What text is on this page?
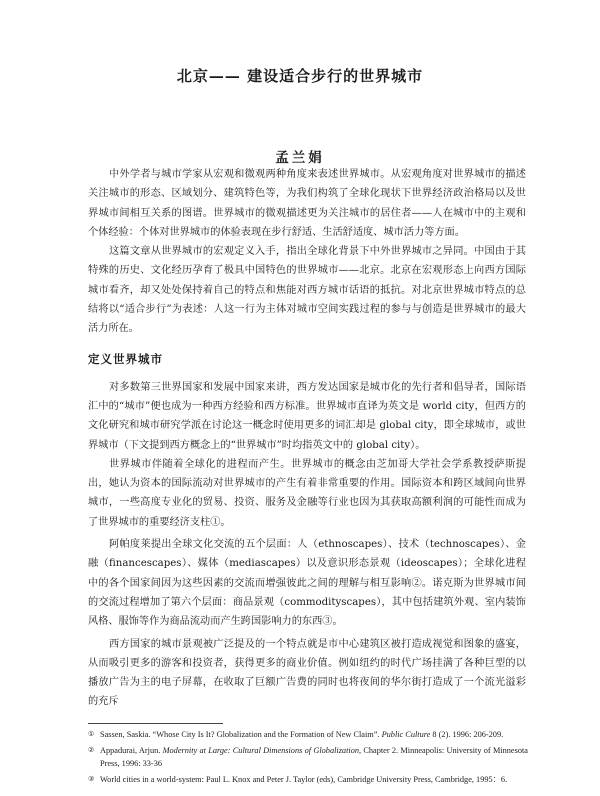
北京—— 建设适合步行的世界城市
孟兰娟

中外学者与城市学家从宏观和微观两种角度来表述世界城市。从宏观角度对世界城市的描述关注城市的形态、区域划分、建筑特色等，为我们构筑了全球化现状下世界经济政治格局以及世界城市间相互关系的图谱。世界城市的微观描述更为关注城市的居住者——人在城市中的主观和个体经验：个体对世界城市的体验表现在步行舒适、生活舒适度、城市活力等方面。

这篇文章从世界城市的宏观定义入手，指出全球化背景下中外世界城市之异同。中国由于其特殊的历史、文化经历孕育了极具中国特色的世界城市——北京。北京在宏观形态上向西方国际城市看齐，却又处处保持着自己的特点和焦能对西方城市话语的抵抗。对北京世界城市特点的总结将以“适合步行”为表述：人这一行为主体对城市空间实践过程的参与与创造是世界城市的最大活力所在。

定义世界城市

对多数第三世界国家和发展中国家来讲，西方发达国家是城市化的先行者和倡导者，国际语汇中的“城市”便也成为一种西方经验和西方标准。世界城市直译为英文是 world city，但西方的文化研究和城市研究学派在讨论这一概念时使用更多的词汇却是 global city，即全球城市，或世界城市（下文提到西方概念上的“世界城市”时均指英文中的 global city）。

世界城市伴随着全球化的进程而产生。世界城市的概念由芝加哥大学社会学系教授萨斯提出，她认为资本的国际流动对世界城市的产生有着非常重要的作用。国际资本和跨区域间向世界城市，一些高度专业化的贸易、投资、服务及金融等行业也因为其获取高额利润的可能性而成为了世界城市的重要经济支柱①。

阿帕度莱提出全球文化交流的五个层面：人（ethnoscapes）、技术（technoscapes）、金融（financescapes）、媒体（mediascapes）以及意识形态景观（ideoscapes）；全球化进程中的各个国家间因为这些因素的交流而增强彼此之间的理解与相互影响②。诺克斯为世界城市间的交流过程增加了第六个层面：商品景观（commodityscapes），其中包括建筑外观、室内装饰风格、服饰等作为商品流动而产生跨国影响力的东西③。

西方国家的城市景观被广泛提及的一个特点就是市中心建筑区被打造成视觉和图象的盛宴，从而吸引更多的游客和投资者，获得更多的商业价值。例如纽约的时代广场挂满了各种巨型的以播放广告为主的电子屏幕，在收取了巨额广告费的同时也将夜间的华尔街打造成了一个流光溢彩的充斥

① Sassen, Saskia. “Whose City Is It? Globalization and the Formation of New Claim”. Public Culture 8 (2). 1996: 206-209.
② Appadurai, Arjun. Modernity at Large: Cultural Dimensions of Globalization, Chapter 2. Minneapolis: University of Minnesota Press, 1996: 33-36
③ World cities in a world-system: Paul L. Knox and Peter J. Taylor (eds), Cambridge University Press, Cambridge, 1995：6.
